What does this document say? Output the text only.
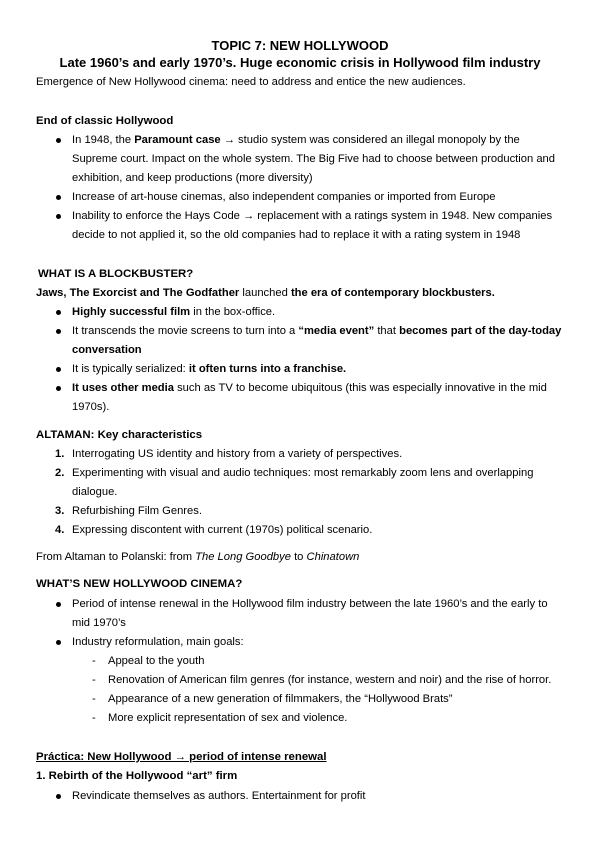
TOPIC 7: NEW HOLLYWOOD
Late 1960’s and early 1970’s. Huge economic crisis in Hollywood film industry
Emergence of New Hollywood cinema: need to address and entice the new audiences.
End of classic Hollywood
In 1948, the Paramount case → studio system was considered an illegal monopoly by the
Supreme court. Impact on the whole system. The Big Five had to choose between production and
exhibition, and keep productions (more diversity)
Increase of art-house cinemas, also independent companies or imported from Europe
Inability to enforce the Hays Code → replacement with a ratings system in 1948. New companies
decide to not applied it, so the old companies had to replace it with a rating system in 1948
WHAT IS A BLOCKBUSTER?
Jaws, The Exorcist and The Godfather launched the era of contemporary blockbusters.
Highly successful film in the box-office.
It transcends the movie screens to turn into a “media event” that becomes part of the day-today
conversation
It is typically serialized: it often turns into a franchise.
It uses other media such as TV to become ubiquitous (this was especially innovative in the mid
1970s).
ALTAMAN: Key characteristics
1. Interrogating US identity and history from a variety of perspectives.
2. Experimenting with visual and audio techniques: most remarkably zoom lens and overlapping
dialogue.
3. Refurbishing Film Genres.
4. Expressing discontent with current (1970s) political scenario.
From Altaman to Polanski: from The Long Goodbye to Chinatown
WHAT’S NEW HOLLYWOOD CINEMA?
Period of intense renewal in the Hollywood film industry between the late 1960’s and the early to
mid 1970’s
Industry reformulation, main goals:
- Appeal to the youth
- Renovation of American film genres (for instance, western and noir) and the rise of horror.
- Appearance of a new generation of filmmakers, the “Hollywood Brats”
- More explicit representation of sex and violence.
Práctica: New Hollywood → period of intense renewal
1. Rebirth of the Hollywood “art” firm
Revindicate themselves as authors. Entertainment for profit
